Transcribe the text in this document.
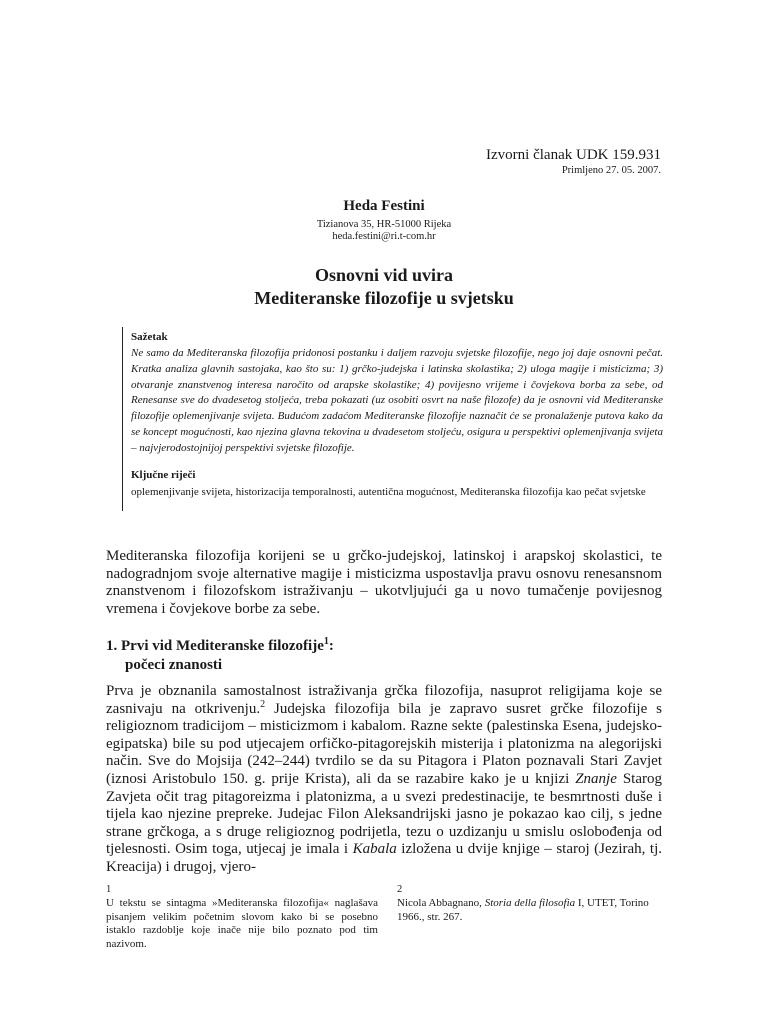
Izvorni članak UDK 159.931
Primljeno 27. 05. 2007.
Heda Festini
Tizianova 35, HR-51000 Rijeka
heda.festini@ri.t-com.hr
Osnovni vid uvira
Mediteranske filozofije u svjetsku
Sažetak
Ne samo da Mediteranska filozofija pridonosi postanku i daljem razvoju svjetske filozofije, nego joj daje osnovni pečat. Kratka analiza glavnih sastojaka, kao što su: 1) grčko-judejska i latinska skolastika; 2) uloga magije i misticizma; 3) otvaranje znanstvenog interesa naročito od arapske skolastike; 4) povijesno vrijeme i čovjekova borba za sebe, od Renesanse sve do dvadesetog stoljeća, treba pokazati (uz osobiti osvrt na naše filozofe) da je osnovni vid Mediteranske filozofije oplemenjivanje svijeta. Budućom zadaćom Mediteranske filozofije naznačit će se pronalaženje putova kako da se koncept mogućnosti, kao njezina glavna tekovina u dvadesetom stoljeću, osigura u perspektivi oplemenjivanja svijeta – najvjerodostojnijoj perspektivi svjetske filozofije.
Ključne riječi
oplemenjivanje svijeta, historizacija temporalnosti, autentična mogućnost, Mediteranska filozofija kao pečat svjetske
Mediteranska filozofija korijeni se u grčko-judejskoj, latinskoj i arapskoj skolastici, te nadogradnjom svoje alternative magije i misticizma uspostavlja pravu osnovu renesansnom znanstvenom i filozofskom istraživanju – ukotvljujući ga u novo tumačenje povijesnog vremena i čovjekove borbe za sebe.
1. Prvi vid Mediteranske filozofije$^1$:
počeci znanosti
Prva je obznanila samostalnost istraživanja grčka filozofija, nasuprot religijama koje se zasnivaju na otkrivenju.$^2$ Judejska filozofija bila je zapravo susret grčke filozofije s religioznom tradicijom – misticizmom i kabalom. Razne sekte (palestinska Esena, judejsko-egipatska) bile su pod utjecajem orfičko-pitagorejskih misterija i platonizma na alegorijski način. Sve do Mojsija (242–244) tvrdilo se da su Pitagora i Platon poznavali Stari Zavjet (iznosi Aristobulo 150. g. prije Krista), ali da se razabire kako je u knjizi Znanje Starog Zavjeta očit trag pitagoreizma i platonizma, a u svezi predestinacije, te besmrtnosti duše i tijela kao njezine prepreke. Judejac Filon Aleksandrijski jasno je pokazao kao cilj, s jedne strane grčkoga, a s druge religioznog podrijetla, tezu o uzdizanju u smislu oslobođenja od tjelesnosti. Osim toga, utjecaj je imala i Kabala izložena u dvije knjige – staroj (Jezirah, tj. Kreacija) i drugoj, vjero-
1
U tekstu se sintagma »Mediteranska filozofija« naglašava pisanjem velikim početnim slovom kako bi se posebno istaklo razdoblje koje inače nije bilo poznato pod tim nazivom.
2
Nicola Abbagnano, Storia della filosofia I, UTET, Torino 1966., str. 267.
